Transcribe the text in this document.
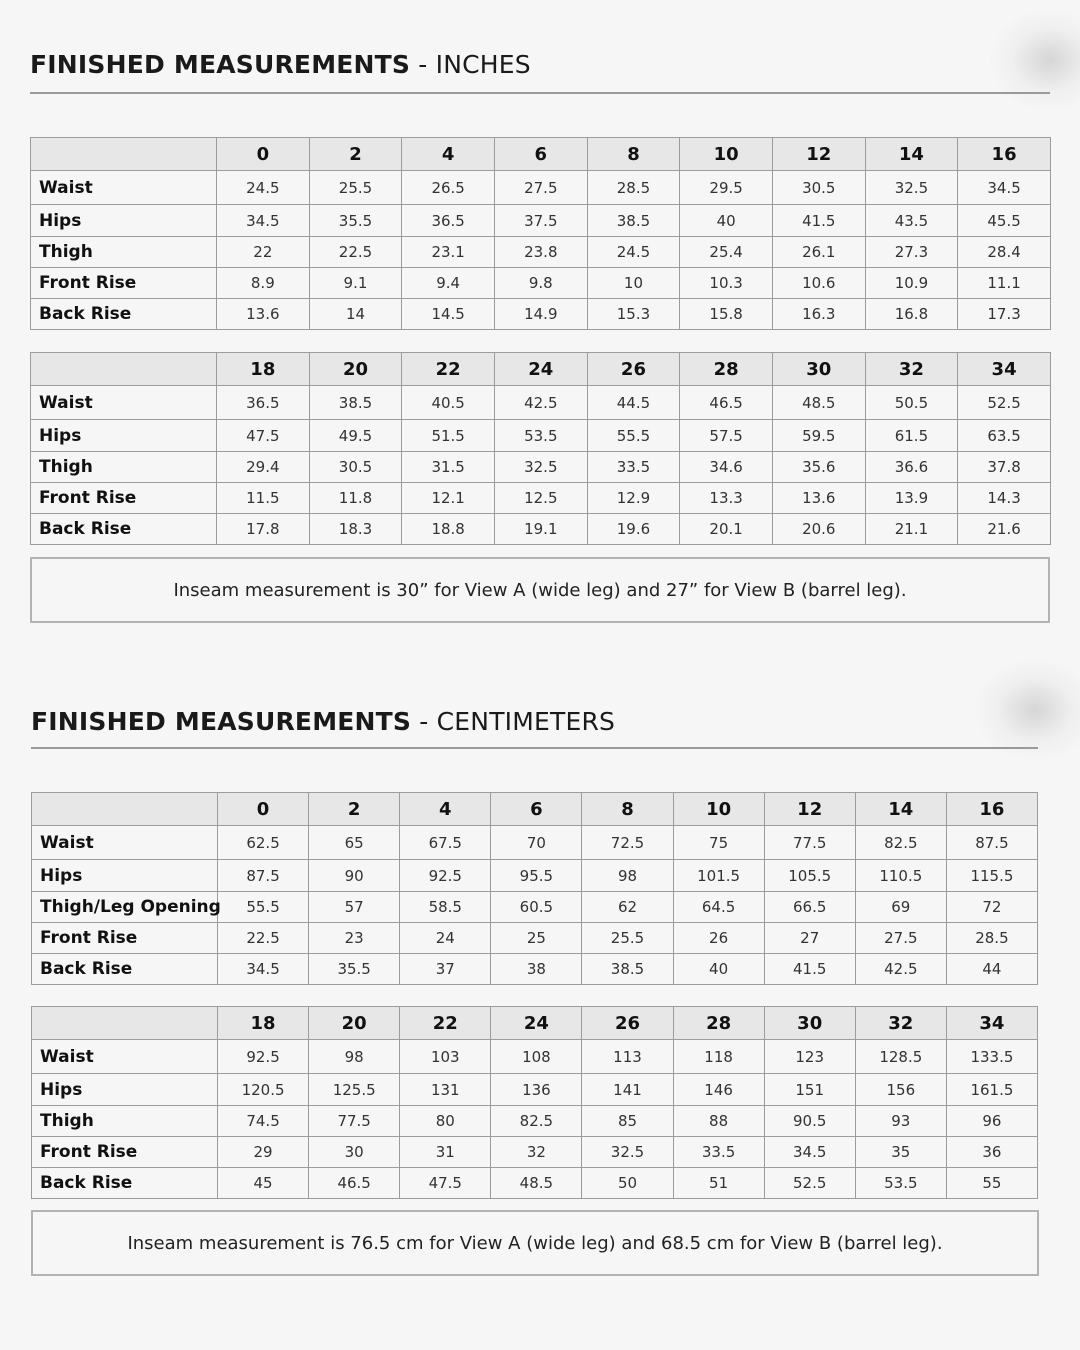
FINISHED MEASUREMENTS - INCHES
	0	2	4	6	8	10	12	14	16
Waist	24.5	25.5	26.5	27.5	28.5	29.5	30.5	32.5	34.5
Hips	34.5	35.5	36.5	37.5	38.5	40	41.5	43.5	45.5
Thigh	22	22.5	23.1	23.8	24.5	25.4	26.1	27.3	28.4
Front Rise	8.9	9.1	9.4	9.8	10	10.3	10.6	10.9	11.1
Back Rise	13.6	14	14.5	14.9	15.3	15.8	16.3	16.8	17.3
	18	20	22	24	26	28	30	32	34
Waist	36.5	38.5	40.5	42.5	44.5	46.5	48.5	50.5	52.5
Hips	47.5	49.5	51.5	53.5	55.5	57.5	59.5	61.5	63.5
Thigh	29.4	30.5	31.5	32.5	33.5	34.6	35.6	36.6	37.8
Front Rise	11.5	11.8	12.1	12.5	12.9	13.3	13.6	13.9	14.3
Back Rise	17.8	18.3	18.8	19.1	19.6	20.1	20.6	21.1	21.6
Inseam measurement is 30” for View A (wide leg) and 27” for View B (barrel leg).
FINISHED MEASUREMENTS - CENTIMETERS
	0	2	4	6	8	10	12	14	16
Waist	62.5	65	67.5	70	72.5	75	77.5	82.5	87.5
Hips	87.5	90	92.5	95.5	98	101.5	105.5	110.5	115.5
Thigh/Leg Opening	55.5	57	58.5	60.5	62	64.5	66.5	69	72
Front Rise	22.5	23	24	25	25.5	26	27	27.5	28.5
Back Rise	34.5	35.5	37	38	38.5	40	41.5	42.5	44
	18	20	22	24	26	28	30	32	34
Waist	92.5	98	103	108	113	118	123	128.5	133.5
Hips	120.5	125.5	131	136	141	146	151	156	161.5
Thigh	74.5	77.5	80	82.5	85	88	90.5	93	96
Front Rise	29	30	31	32	32.5	33.5	34.5	35	36
Back Rise	45	46.5	47.5	48.5	50	51	52.5	53.5	55
Inseam measurement is 76.5 cm for View A (wide leg) and 68.5 cm for View B (barrel leg).
